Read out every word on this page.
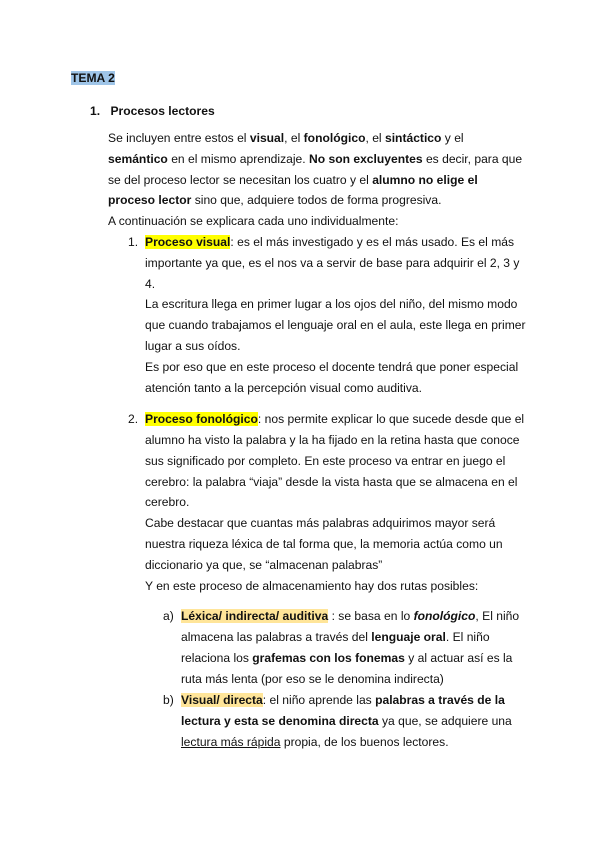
TEMA 2
1. Procesos lectores
Se incluyen entre estos el visual, el fonológico, el sintáctico y el
semántico en el mismo aprendizaje. No son excluyentes es decir, para que
se del proceso lector se necesitan los cuatro y el alumno no elige el
proceso lector sino que, adquiere todos de forma progresiva.
A continuación se explicara cada uno individualmente:
1. Proceso visual: es el más investigado y es el más usado. Es el más
importante ya que, es el nos va a servir de base para adquirir el 2, 3 y
4.
La escritura llega en primer lugar a los ojos del niño, del mismo modo
que cuando trabajamos el lenguaje oral en el aula, este llega en primer
lugar a sus oídos.
Es por eso que en este proceso el docente tendrá que poner especial
atención tanto a la percepción visual como auditiva.
2. Proceso fonológico: nos permite explicar lo que sucede desde que el
alumno ha visto la palabra y la ha fijado en la retina hasta que conoce
sus significado por completo. En este proceso va entrar en juego el
cerebro: la palabra “viaja” desde la vista hasta que se almacena en el
cerebro.
Cabe destacar que cuantas más palabras adquirimos mayor será
nuestra riqueza léxica de tal forma que, la memoria actúa como un
diccionario ya que, se “almacenan palabras”
Y en este proceso de almacenamiento hay dos rutas posibles:
a) Léxica/ indirecta/ auditiva : se basa en lo fonológico, El niño
almacena las palabras a través del lenguaje oral. El niño
relaciona los grafemas con los fonemas y al actuar así es la
ruta más lenta (por eso se le denomina indirecta)
b) Visual/ directa: el niño aprende las palabras a través de la
lectura y esta se denomina directa ya que, se adquiere una
lectura más rápida propia, de los buenos lectores.
